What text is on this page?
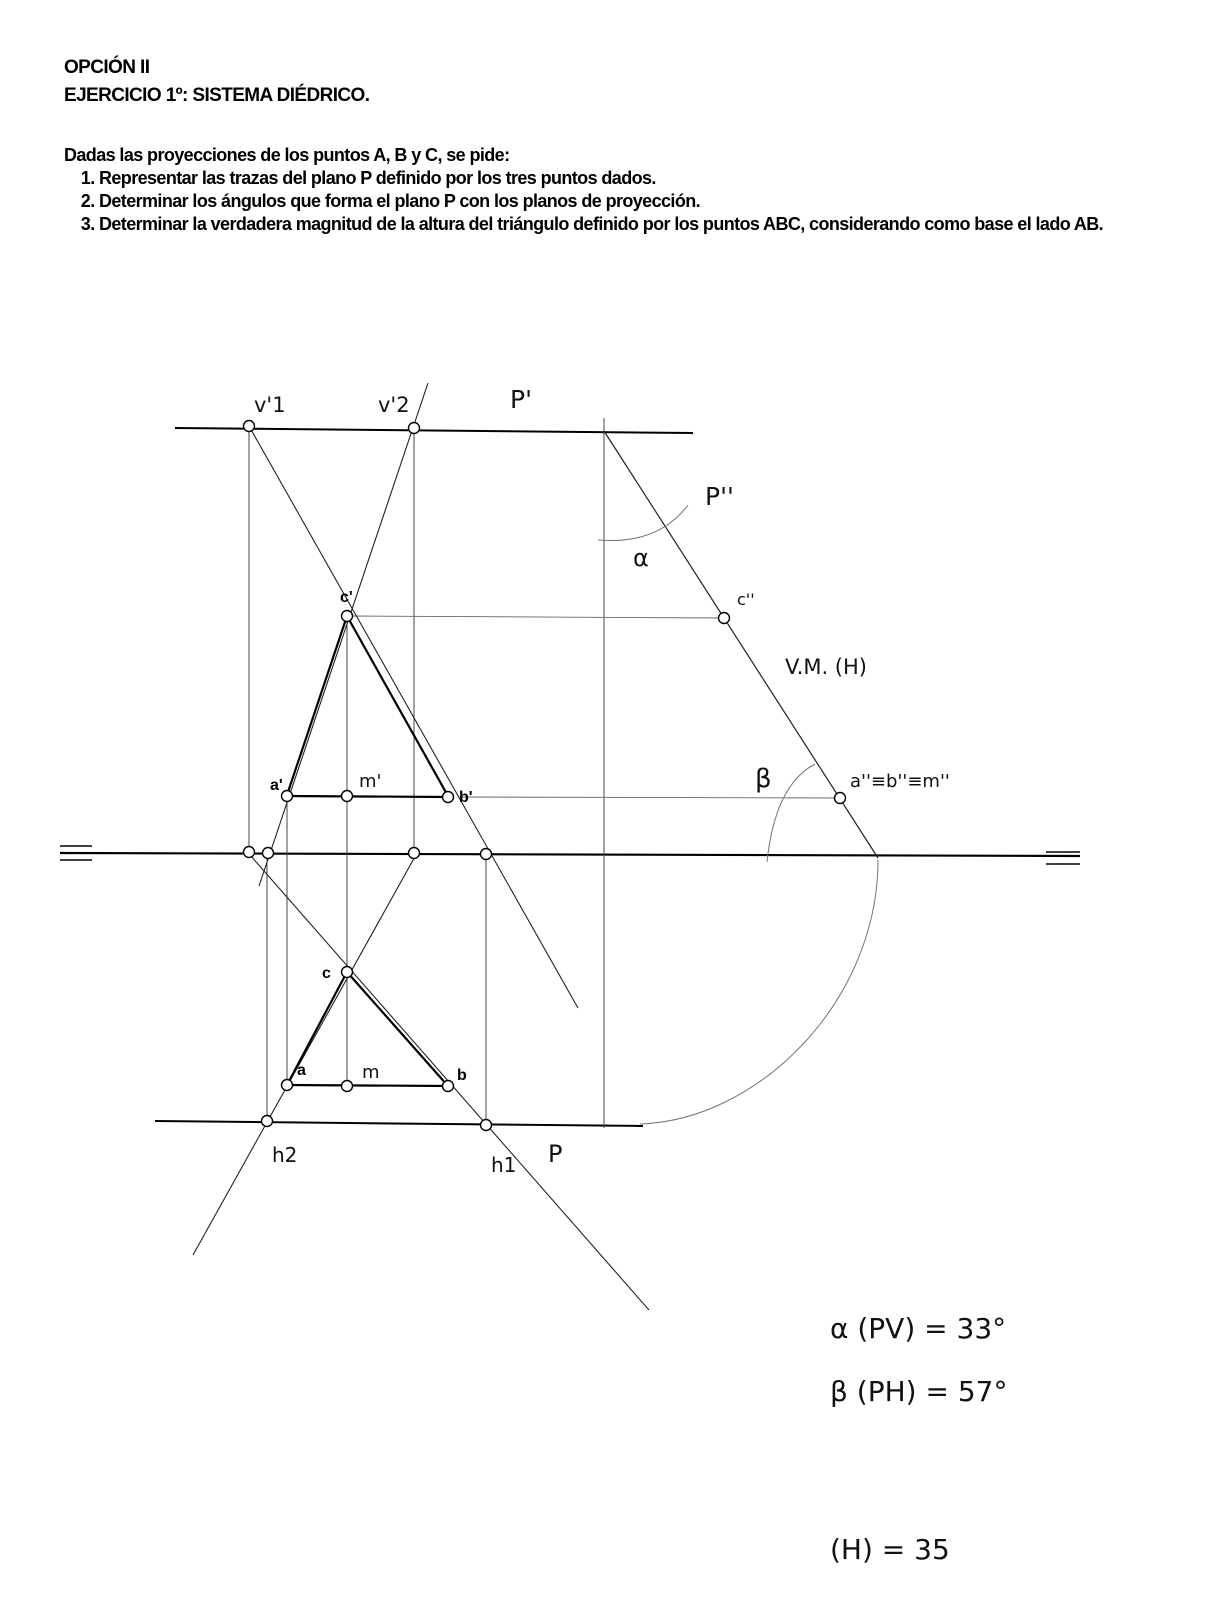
OPCIÓN II

EJERCICIO 1º: SISTEMA DIÉDRICO.

Dadas las proyecciones de los puntos A, B y C, se pide:

1. Representar las trazas del plano P definido por los tres puntos dados.
2. Determinar los ángulos que forma el plano P con los planos de proyección.
3. Determinar la verdadera magnitud de la altura del triángulo definido por los puntos ABC, considerando como base el lado AB.
v'1	v'2	P'
P''
α
c''
V.M. (H)
β	a''≡b''≡m''
c'
a'
b'
m'
c
a	b
m
h2	h1 P
α (PV) = 33°
β (PH) = 57°
(H) = 35
